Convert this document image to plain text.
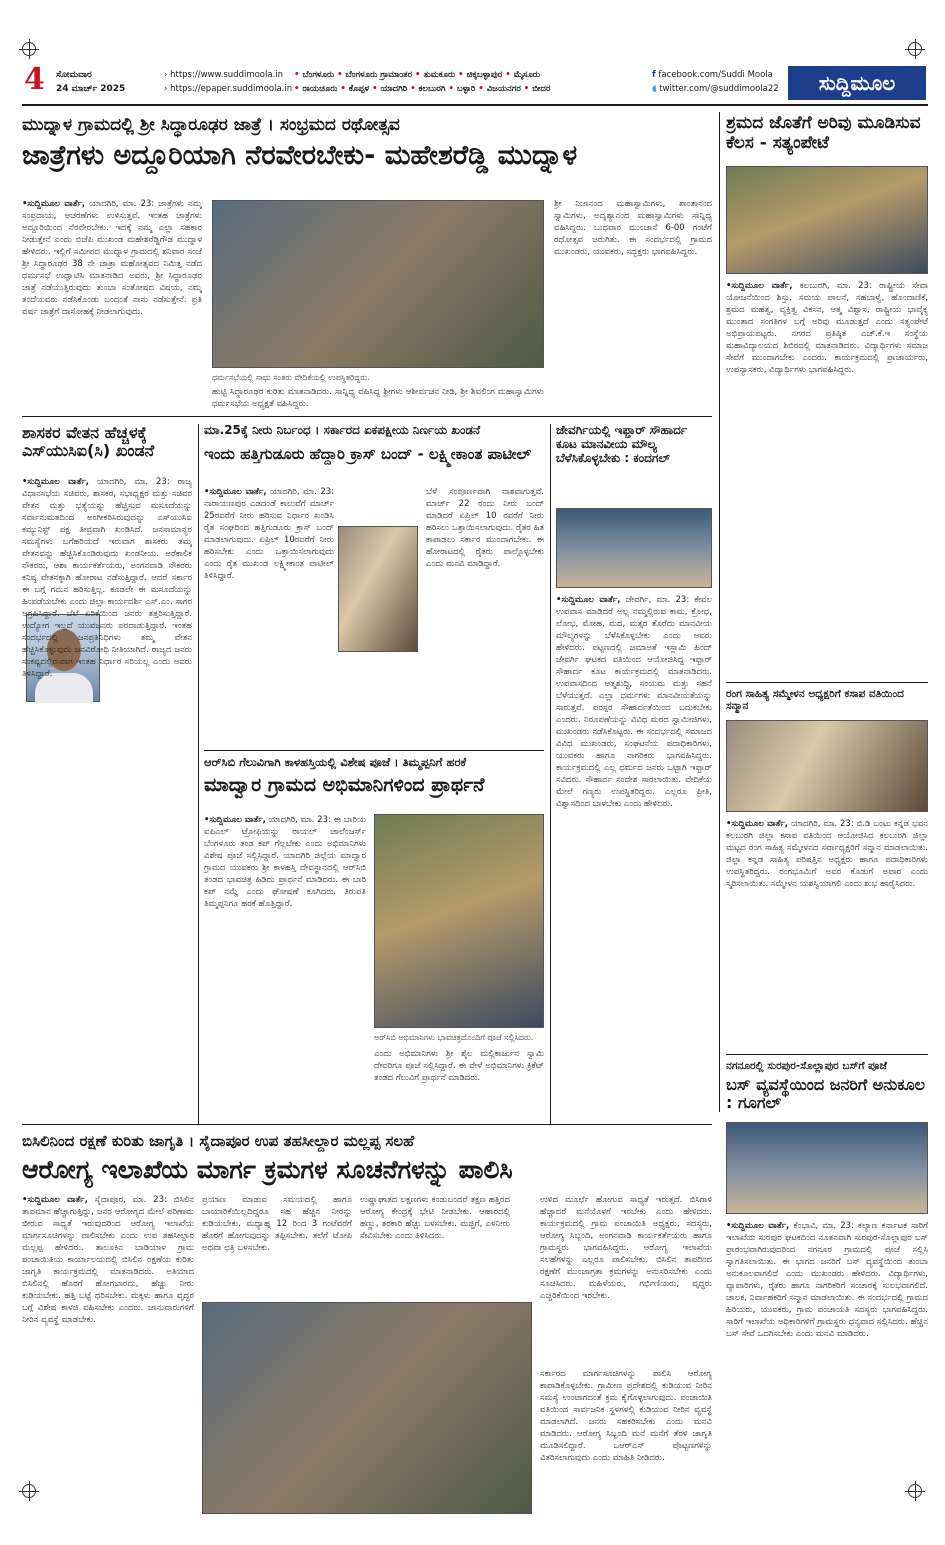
4 ಸೋಮವಾರ
24 ಮಾರ್ಚ್ 2025
› https://www.suddimoola.in
› https://epaper.suddimoola.in
• ಬೆಂಗಳೂರು • ಬೆಂಗಳೂರು ಗ್ರಾಮಾಂತರ • ತುಮಕೂರು • ಚಿಕ್ಕಬಳ್ಳಾಪುರ • ಮೈಸೂರು
• ರಾಯಚೂರು • ಕೊಪ್ಪಳ • ಯಾದಗಿರಿ • ಕಲಬುರಗಿ • ಬಳ್ಳಾರಿ • ವಿಜಯನಗರ • ಬೀದರ
f facebook.com/Suddi Moola
◖ twitter.com/@suddimoola22	ಸುದ್ದಿಮೂಲ
ಮುದ್ನಾಳ ಗ್ರಾಮದಲ್ಲಿ ಶ್ರೀ ಸಿದ್ಧಾರೂಢರ ಜಾತ್ರೆ । ಸಂಭ್ರಮದ ರಥೋತ್ಸವ
ಜಾತ್ರೆಗಳು ಅದ್ದೂರಿಯಾಗಿ ನೆರವೇರಬೇಕು- ಮಹೇಶರೆಡ್ಡಿ ಮುದ್ನಾಳ
•ಸುದ್ದಿಮೂಲ ವಾರ್ತೆ, ಯಾದಗಿರಿ, ಮಾ. 23: ಜಾತ್ರೆಗಳು ನಮ್ಮ ಸಂಪ್ರದಾಯ, ಆಚರಣೆಗಳು ಉಳಿಸುತ್ತವೆ. ಇಂತಹ ಜಾತ್ರೆಗಳು ಅದ್ದೂರಿಯಿಂದ ನೆರವೇರಬೇಕು. ಇದಕ್ಕೆ ನಮ್ಮ ಎಲ್ಲಾ ಸಹಕಾರ ನೀಡುತ್ತೇನೆ ಎಂದು ಬಿಜೆಪಿ ಮುಖಂಡ ಮಹೇಶರೆಡ್ಡಿಗೌಡ ಮುದ್ನಾಳ ಹೇಳಿದರು. ಇಲ್ಲಿಗೆ ಸಮೀಪದ ಮುದ್ನಾಳ ಗ್ರಾಮದಲ್ಲಿ ಶನಿವಾರ ಸಂಜೆ ಶ್ರೀ ಸಿದ್ಧಾರೂಢರ 38 ನೇ ಜಾತ್ರಾ ಮಹೋತ್ಸವದ ನಿಮಿತ್ತ ನಡೆದ ಧರ್ಮಸಭೆ ಉದ್ಘಾಟಿಸಿ ಮಾತನಾಡಿದ ಅವರು, ಶ್ರೀ ಸಿದ್ಧಾರೂಢರ ಜಾತ್ರೆ ನಡೆಯುತ್ತಿರುವುದು ತುಂಬಾ ಸಂತೋಷದ ವಿಷಯ, ನಮ್ಮ ತಂದೆಯವರು ನಡೆಸಿಕೊಂಡು ಬಂದಂತೆ ನಾನು ನಡೆಸುತ್ತೇನೆ. ಪ್ರತಿ ವರ್ಷ ಜಾತ್ರೆಗೆ ದಾಸೋಹಕ್ಕೆ ನೀಡಲಾಗುವುದು.
ಧರ್ಮಸಭೆಯಲ್ಲಿ ಸಾಧು ಸಂತರು ವೇದಿಕೆಯಲ್ಲಿ ಉಪಸ್ಥಿತರಿದ್ದರು.
ಹುಟ್ಟಿ ಸಿದ್ಧಾರೂಢರ ಕುರಿತು ಮಾತನಾಡಿದರು. ಸಾನ್ನಿಧ್ಯ ವಹಿಸಿದ್ದ ಶ್ರೀಗಳು ಆಶೀರ್ವಚನ ನೀಡಿ, ಶ್ರೀ ಶಿವಲಿಂಗ ಮಹಾಸ್ವಾಮಿಗಳು ಧರ್ಮಸಭೆಯ ಅಧ್ಯಕ್ಷತೆ ವಹಿಸಿದ್ದರು.
ಶ್ರೀ ನಿಜಾನಂದ ಮಹಾಸ್ವಾಮಿಗಳು, ಶಾಂತಾನಂದ ಸ್ವಾಮಿಗಳು, ಅದೃಶ್ಯಾನಂದ ಮಹಾಸ್ವಾಮಿಗಳು ಸಾನ್ನಿಧ್ಯ ವಹಿಸಿದ್ದರು. ಬುಧವಾರ ಮುಂಜಾನೆ 6-00 ಗಂಟೆಗೆ ರಥೋತ್ಸವ ಜರುಗಿತು. ಈ ಸಂದರ್ಭದಲ್ಲಿ ಗ್ರಾಮದ ಮುಖಂಡರು, ಯುವಕರು, ಸದ್ಭಕ್ತರು ಭಾಗವಹಿಸಿದ್ದರು.
ಶ್ರಮದ ಜೊತೆಗೆ ಅರಿವು ಮೂಡಿಸುವ ಕೆಲಸ - ಸತ್ಯಂಪೇಟೆ
•ಸುದ್ದಿಮೂಲ ವಾರ್ತೆ, ಕಲಬುರಗಿ, ಮಾ. 23: ರಾಷ್ಟ್ರೀಯ ಸೇವಾ ಯೋಜನೆಯಿಂದ ಶಿಸ್ತು, ಸಮಯ ಪಾಲನೆ, ಸಹಬಾಳ್ವೆ, ಹೊಂದಾಣಿಕೆ, ಶ್ರಮದ ಮಹತ್ವ, ವ್ಯಕ್ತಿತ್ವ ವಿಕಸನ, ಆತ್ಮ ವಿಶ್ವಾಸ, ರಾಷ್ಟ್ರೀಯ ಭಾವೈಕ್ಯ ಮುಂತಾದ ಸಂಗತಿಗಳ ಬಗ್ಗೆ ಅರಿವು ಮೂಡುತ್ತದೆ ಎಂದು ಸತ್ಯಂಪೇಟೆ ಅಭಿಪ್ರಾಯಪಟ್ಟರು. ನಗರದ ಪ್ರತಿಷ್ಠಿತ ಎಚ್.ಕೆ.ಇ ಸಂಸ್ಥೆಯ ಮಹಾವಿದ್ಯಾಲಯದ ಶಿಬಿರದಲ್ಲಿ ಮಾತನಾಡಿದರು. ವಿದ್ಯಾರ್ಥಿಗಳು ಸಮಾಜ ಸೇವೆಗೆ ಮುಂದಾಗಬೇಕು ಎಂದರು. ಕಾರ್ಯಕ್ರಮದಲ್ಲಿ ಪ್ರಾಚಾರ್ಯರು, ಉಪನ್ಯಾಸಕರು, ವಿದ್ಯಾರ್ಥಿಗಳು ಭಾಗವಹಿಸಿದ್ದರು.
ಶಾಸಕರ ವೇತನ ಹೆಚ್ಚಳಕ್ಕೆ ಎಸ್‌ಯುಸಿಐ(ಸಿ) ಖಂಡನೆ
•ಸುದ್ದಿಮೂಲ ವಾರ್ತೆ, ಯಾದಗಿರಿ, ಮಾ. 23: ರಾಜ್ಯ ವಿಧಾನಸಭೆಯ ಸಚಿವರು, ಶಾಸಕರ, ಸಭಾಧ್ಯಕ್ಷರ ಮತ್ತು ಸಚಿವರ ವೇತನ ಮತ್ತು ಭತ್ಯೆಯನ್ನು ಹೆಚ್ಚಿಸುವ ಮಸೂದೆಯನ್ನು ಸರ್ವಾನುಮತದಿಂದ ಅಂಗೀಕರಿಸಿರುವುದನ್ನು ಎಸ್‌ಯುಸಿಐ ಕಮ್ಯುನಿಸ್ಟ್ ಪಕ್ಷ ತೀವ್ರವಾಗಿ ಖಂಡಿಸಿದೆ. ಜನಸಾಮಾನ್ಯರ ಸಮಸ್ಯೆಗಳು ಬಗೆಹರಿಯದೆ ಇರುವಾಗ ಶಾಸಕರು ತಮ್ಮ ವೇತನವನ್ನು ಹೆಚ್ಚಿಸಿಕೊಂಡಿರುವುದು ಖಂಡನೀಯ. ಅರೆಕಾಲಿಕ ನೌಕರರು, ಆಶಾ ಕಾರ್ಯಕರ್ತೆಯರು, ಅಂಗನವಾಡಿ ನೌಕರರು ಕನಿಷ್ಠ ವೇತನಕ್ಕಾಗಿ ಹೋರಾಟ ನಡೆಸುತ್ತಿದ್ದಾರೆ. ಆದರೆ ಸರ್ಕಾರ ಈ ಬಗ್ಗೆ ಗಮನ ಹರಿಸುತ್ತಿಲ್ಲ. ಕೂಡಲೇ ಈ ಮಸೂದೆಯನ್ನು ಹಿಂಪಡೆಯಬೇಕು ಎಂದು ಜಿಲ್ಲಾ ಕಾರ್ಯದರ್ಶಿ ಎಸ್.ಎಂ. ಸಾಗರ ಆಗ್ರಹಿಸಿದ್ದಾರೆ. ಬೆಲೆ ಏರಿಕೆಯಿಂದ ಜನರು ತತ್ತರಿಸುತ್ತಿದ್ದಾರೆ. ಉದ್ಯೋಗ ಇಲ್ಲದೆ ಯುವಜನರು ಪರದಾಡುತ್ತಿದ್ದಾರೆ. ಇಂತಹ ಸಂದರ್ಭದಲ್ಲಿ ಜನಪ್ರತಿನಿಧಿಗಳು ತಮ್ಮ ವೇತನ ಹೆಚ್ಚಿಸಿಕೊಳ್ಳುವುದು ಜನವಿರೋಧಿ ನೀತಿಯಾಗಿದೆ. ರಾಜ್ಯದ ಜನರು ಸಂಕಷ್ಟದಲ್ಲಿರುವಾಗ ಇಂತಹ ನಿರ್ಧಾರ ಸರಿಯಲ್ಲ ಎಂದು ಅವರು ತಿಳಿಸಿದ್ದಾರೆ.
ಮಾ.25ಕ್ಕೆ ನೀರು ನಿರ್ಬಂಧ । ಸರ್ಕಾರದ ಏಕಪಕ್ಷೀಯ ನಿರ್ಣಯ ಖಂಡನೆ
ಇಂದು ಹತ್ತಿಗುಡೂರು ಹೆದ್ದಾರಿ ಕ್ರಾಸ್ ಬಂದ್ - ಲಕ್ಷ್ಮೀಕಾಂತ ಪಾಟೀಲ್
•ಸುದ್ದಿಮೂಲ ವಾರ್ತೆ, ಯಾದಗಿರಿ, ಮಾ. 23: ನಾರಾಯಣಪುರ ಎಡದಂಡೆ ಕಾಲುವೆಗೆ ಮಾರ್ಚ್ 25ರವರೆಗೆ ನೀರು ಹರಿಸುವ ನಿರ್ಧಾರ ಖಂಡಿಸಿ ರೈತ ಸಂಘದಿಂದ ಹತ್ತಿಗುಡೂರು ಕ್ರಾಸ್ ಬಂದ್ ಮಾಡಲಾಗುವುದು. ಏಪ್ರಿಲ್ 10ರವರೆಗೆ ನೀರು ಹರಿಸಬೇಕು ಎಂದು ಒತ್ತಾಯಿಸಲಾಗುವುದು ಎಂದು ರೈತ ಮುಖಂಡ ಲಕ್ಷ್ಮೀಕಾಂತ ಪಾಟೀಲ್ ತಿಳಿಸಿದ್ದಾರೆ.
ಬೆಳೆ ಸಂಪೂರ್ಣವಾಗಿ ನಾಶವಾಗುತ್ತವೆ. ಮಾರ್ಚ್ 22 ರಂದು ನೀರು ಬಂದ್ ಮಾಡಿದರೆ ಏಪ್ರಿಲ್ 10 ರವರೆಗೆ ನೀರು ಹರಿಸಲು ಒತ್ತಾಯಿಸಲಾಗುವುದು. ರೈತರ ಹಿತ ಕಾಪಾಡಲು ಸರ್ಕಾರ ಮುಂದಾಗಬೇಕು. ಈ ಹೋರಾಟದಲ್ಲಿ ರೈತರು ಪಾಲ್ಗೊಳ್ಳಬೇಕು ಎಂದು ಮನವಿ ಮಾಡಿದ್ದಾರೆ.
ಜೇವರ್ಗಿಯಲ್ಲಿ ಇಫ್ತಾರ್ ಸೌಹಾರ್ದ ಕೂಟ ಮಾನವೀಯ ಮೌಲ್ಯ ಬೆಳೆಸಿಕೊಳ್ಳಬೇಕು : ಕಂದಗಲ್
•ಸುದ್ದಿಮೂಲ ವಾರ್ತೆ, ಜೇವರ್ಗಿ, ಮಾ. 23: ಕೇವಲ ಉಪವಾಸ ಮಾಡಿದರೆ ಅಲ್ಲ ನಮ್ಮಲ್ಲಿರುವ ಕಾಮ, ಕ್ರೋಧ, ಲೋಭ, ಮೋಹ, ಮದ, ಮತ್ಸರ ತೊರೆದು ಮಾನವೀಯ ಮೌಲ್ಯಗಳನ್ನು ಬೆಳೆಸಿಕೊಳ್ಳಬೇಕು ಎಂದು ಅವರು ಹೇಳಿದರು. ಪಟ್ಟಣದಲ್ಲಿ ಜಮಾಅತೆ ಇಸ್ಲಾಮಿ ಹಿಂದ್ ಜೇವರ್ಗಿ ಘಟಕದ ವತಿಯಿಂದ ಆಯೋಜಿಸಿದ್ದ ಇಫ್ತಾರ್ ಸೌಹಾರ್ದ ಕೂಟ ಕಾರ್ಯಕ್ರಮದಲ್ಲಿ ಮಾತನಾಡಿದರು. ಉಪವಾಸದಿಂದ ಆತ್ಮಶುದ್ಧಿ, ಸಂಯಮ ಮತ್ತು ಸಹನೆ ಬೆಳೆಯುತ್ತದೆ. ಎಲ್ಲಾ ಧರ್ಮಗಳು ಮಾನವೀಯತೆಯನ್ನು ಸಾರುತ್ತವೆ. ಪರಸ್ಪರ ಸೌಹಾರ್ದತೆಯಿಂದ ಬದುಕಬೇಕು ಎಂದರು. ನಿರೂಪಣೆಯನ್ನು ವಿವಿಧ ಮಠದ ಸ್ವಾಮೀಜಿಗಳು, ಮುಖಂಡರು ನಡೆಸಿಕೊಟ್ಟರು. ಈ ಸಂದರ್ಭದಲ್ಲಿ ಸಮಾಜದ ವಿವಿಧ ಮುಖಂಡರು, ಸಂಘಟನೆಯ ಪದಾಧಿಕಾರಿಗಳು, ಯುವಕರು ಹಾಗೂ ನಾಗರಿಕರು ಭಾಗವಹಿಸಿದ್ದರು. ಕಾರ್ಯಕ್ರಮದಲ್ಲಿ ಎಲ್ಲ ಧರ್ಮದ ಜನರು ಒಟ್ಟಾಗಿ ಇಫ್ತಾರ್ ಸವಿದರು. ಸೌಹಾರ್ದ ಸಂದೇಶ ಸಾರಲಾಯಿತು. ವೇದಿಕೆಯ ಮೇಲೆ ಗಣ್ಯರು ಉಪಸ್ಥಿತರಿದ್ದರು. ಎಲ್ಲರೂ ಪ್ರೀತಿ, ವಿಶ್ವಾಸದಿಂದ ಬಾಳಬೇಕು ಎಂದು ಹೇಳಿದರು.
ಆರ್‌ಸಿಬಿ ಗೆಲುವಿಗಾಗಿ ಕಾಳಹಸ್ತಿಯಲ್ಲಿ ವಿಶೇಷ ಪೂಜೆ । ತಿಮ್ಮಪ್ಪನಿಗೆ ಹರಕೆ
ಮಾದ್ವಾರ ಗ್ರಾಮದ ಅಭಿಮಾನಿಗಳಿಂದ ಪ್ರಾರ್ಥನೆ
•ಸುದ್ದಿಮೂಲ ವಾರ್ತೆ, ಯಾದಗಿರಿ, ಮಾ. 23: ಈ ಬಾರಿಯ ಐಪಿಎಲ್ ಟ್ರೋಫಿಯನ್ನು ರಾಯಲ್ ಚಾಲೆಂಜರ್ಸ್ ಬೆಂಗಳೂರು ತಂಡ ಕಪ್ ಗೆಲ್ಲಬೇಕು ಎಂದು ಅಭಿಮಾನಿಗಳು ವಿಶೇಷ ಪೂಜೆ ಸಲ್ಲಿಸಿದ್ದಾರೆ. ಯಾದಗಿರಿ ಜಿಲ್ಲೆಯ ಮಾದ್ವಾರ ಗ್ರಾಮದ ಯುವಕರು ಶ್ರೀ ಕಾಳಹಸ್ತಿ ದೇವಸ್ಥಾನದಲ್ಲಿ ಆರ್‌ಸಿಬಿ ತಂಡದ ಭಾವಚಿತ್ರ ಹಿಡಿದು ಪ್ರಾರ್ಥನೆ ಮಾಡಿದರು. ಈ ಬಾರಿ ಕಪ್ ನಮ್ದೆ ಎಂದು ಘೋಷಣೆ ಕೂಗಿದರು. ತಿರುಪತಿ ತಿಮ್ಮಪ್ಪನಿಗೂ ಹರಕೆ ಹೊತ್ತಿದ್ದಾರೆ.
ಆರ್‌ಸಿಬಿ ಅಭಿಮಾನಿಗಳು ಭಾವಚಿತ್ರದೊಂದಿಗೆ ಪೂಜೆ ಸಲ್ಲಿಸಿದರು.
ಎಂದು ಅಭಿಮಾನಿಗಳು ಶ್ರೀ ಶೈಲ ಮಲ್ಲಿಕಾರ್ಜುನ ಸ್ವಾಮಿ ದೇವರಿಗೂ ಪೂಜೆ ಸಲ್ಲಿಸಿದ್ದಾರೆ. ಈ ವೇಳೆ ಅಭಿಮಾನಿಗಳು ಕ್ರಿಕೆಟ್ ತಂಡದ ಗೆಲುವಿಗೆ ಪ್ರಾರ್ಥನೆ ಮಾಡಿದರು.
ರಂಗ ಸಾಹಿತ್ಯ ಸಮ್ಮೇಳನ ಅಧ್ಯಕ್ಷರಿಗೆ ಕಸಾಪ ವತಿಯಿಂದ ಸನ್ಮಾನ
•ಸುದ್ದಿಮೂಲ ವಾರ್ತೆ, ಯಾದಗಿರಿ, ಮಾ. 23: ಬಿ.ಡಿ ಬಂಟು ಕನ್ನಡ ಭವನ ಕಲಬುರಗಿ ಜಿಲ್ಲಾ ಕಸಾಪ ವತಿಯಿಂದ ಆಯೋಜಿಸಿದ ಕಲಬುರಗಿ ಜಿಲ್ಲಾ ಮಟ್ಟದ ರಂಗ ಸಾಹಿತ್ಯ ಸಮ್ಮೇಳನದ ಸರ್ವಾಧ್ಯಕ್ಷರಿಗೆ ಸನ್ಮಾನ ಮಾಡಲಾಯಿತು. ಜಿಲ್ಲಾ ಕನ್ನಡ ಸಾಹಿತ್ಯ ಪರಿಷತ್ತಿನ ಅಧ್ಯಕ್ಷರು ಹಾಗೂ ಪದಾಧಿಕಾರಿಗಳು ಉಪಸ್ಥಿತರಿದ್ದರು. ರಂಗಭೂಮಿಗೆ ಅವರ ಕೊಡುಗೆ ಅಪಾರ ಎಂದು ಸ್ಮರಿಸಲಾಯಿತು. ಸಮ್ಮೇಳನ ಯಶಸ್ವಿಯಾಗಲಿ ಎಂದು ಶುಭ ಹಾರೈಸಿದರು.
ನಗನೂರಲ್ಲಿ ಸುರಪುರ-ಸೊಲ್ಲಾಪುರ ಬಸ್‌ಗೆ ಪೂಜೆ
ಬಸ್ ವ್ಯವಸ್ಥೆಯಿಂದ ಜನರಿಗೆ ಅನುಕೂಲ : ಗೂಗಲ್
•ಸುದ್ದಿಮೂಲ ವಾರ್ತೆ, ಕೆಂಭಾವಿ, ಮಾ. 23: ಕಲ್ಯಾಣ ಕರ್ನಾಟಕ ಸಾರಿಗೆ ಇಲಾಖೆಯ ಸುರಪುರ ಘಟಕದಿಂದ ನೂತನವಾಗಿ ಸುರಪುರ-ಸೊಲ್ಲಾಪುರ ಬಸ್ ಪ್ರಾರಂಭವಾಗಿರುವುದರಿಂದ ನಗನೂರ ಗ್ರಾಮದಲ್ಲಿ ಪೂಜೆ ಸಲ್ಲಿಸಿ ಸ್ವಾಗತಿಸಲಾಯಿತು. ಈ ಭಾಗದ ಜನರಿಗೆ ಬಸ್ ವ್ಯವಸ್ಥೆಯಿಂದ ತುಂಬಾ ಅನುಕೂಲವಾಗಲಿದೆ ಎಂದು ಮುಖಂಡರು ಹೇಳಿದರು. ವಿದ್ಯಾರ್ಥಿಗಳು, ವ್ಯಾಪಾರಿಗಳು, ರೈತರು ಹಾಗೂ ನಾಗರಿಕರಿಗೆ ಸಂಚಾರಕ್ಕೆ ಸುಲಭವಾಗಲಿದೆ. ಚಾಲಕ, ನಿರ್ವಾಹಕರಿಗೆ ಸನ್ಮಾನ ಮಾಡಲಾಯಿತು. ಈ ಸಂದರ್ಭದಲ್ಲಿ ಗ್ರಾಮದ ಹಿರಿಯರು, ಯುವಕರು, ಗ್ರಾಮ ಪಂಚಾಯತಿ ಸದಸ್ಯರು ಭಾಗವಹಿಸಿದ್ದರು. ಸಾರಿಗೆ ಇಲಾಖೆಯ ಅಧಿಕಾರಿಗಳಿಗೆ ಗ್ರಾಮಸ್ಥರು ಧನ್ಯವಾದ ಸಲ್ಲಿಸಿದರು. ಹೆಚ್ಚಿನ ಬಸ್ ಸೇವೆ ಒದಗಿಸಬೇಕು ಎಂದು ಮನವಿ ಮಾಡಿದರು.
ಬಿಸಿಲಿನಿಂದ ರಕ್ಷಣೆ ಕುರಿತು ಜಾಗೃತಿ । ಸೈದಾಪೂರ ಉಪ ತಹಸೀಲ್ದಾರ ಮಲ್ಲಪ್ಪ ಸಲಹೆ
ಆರೋಗ್ಯ ಇಲಾಖೆಯ ಮಾರ್ಗ ಕ್ರಮಗಳ ಸೂಚನೆಗಳನ್ನು ಪಾಲಿಸಿ
•ಸುದ್ದಿಮೂಲ ವಾರ್ತೆ, ಸೈದಾಪೂರ, ಮಾ. 23: ಬಿಸಿಲಿನ ತಾಪಮಾನ ಹೆಚ್ಚಾಗುತ್ತಿದ್ದು, ಜನರ ಆರೋಗ್ಯದ ಮೇಲೆ ಪರಿಣಾಮ ಬೀರುವ ಸಾಧ್ಯತೆ ಇರುವುದರಿಂದ ಆರೋಗ್ಯ ಇಲಾಖೆಯ ಮಾರ್ಗಸೂಚಿಗಳನ್ನು ಪಾಲಿಸಬೇಕು ಎಂದು ಉಪ ತಹಸೀಲ್ದಾರ ಮಲ್ಲಪ್ಪ ಹೇಳಿದರು. ತಾಲೂಕಿನ ಬಾಡಿಯಾಳ ಗ್ರಾಮ ಪಂಚಾಯಿತಿಯ ಕಾರ್ಯಾಲಯದಲ್ಲಿ ಬಿಸಿಲಿನ ರಕ್ಷಣೆಯ ಕುರಿತು ಜಾಗೃತಿ ಕಾರ್ಯಕ್ರಮದಲ್ಲಿ ಮಾತನಾಡಿದರು. ಅತಿಯಾದ ಬಿಸಿಲಿನಲ್ಲಿ ಹೊರಗೆ ಹೋಗಬಾರದು, ಹೆಚ್ಚು ನೀರು ಕುಡಿಯಬೇಕು. ಹತ್ತಿ ಬಟ್ಟೆ ಧರಿಸಬೇಕು. ಮಕ್ಕಳು ಹಾಗೂ ವೃದ್ಧರ ಬಗ್ಗೆ ವಿಶೇಷ ಕಾಳಜಿ ವಹಿಸಬೇಕು ಎಂದರು. ಜಾನುವಾರುಗಳಿಗೆ ನೀರಿನ ವ್ಯವಸ್ಥೆ ಮಾಡಬೇಕು.
ಪ್ರಯಾಣ ಮಾಡುವ ಸಮಯದಲ್ಲಿ ಹಾಗೂ ಬಾಯಾರಿಕೆಯಿಲ್ಲದಿದ್ದರೂ ಸಹ ಹೆಚ್ಚಿನ ನೀರನ್ನು ಕುಡಿಯಬೇಕು. ಮಧ್ಯಾಹ್ನ 12 ರಿಂದ 3 ಗಂಟೆವರೆಗೆ ಹೊರಗೆ ಹೋಗುವುದನ್ನು ತಪ್ಪಿಸಬೇಕು. ತಲೆಗೆ ಟೋಪಿ ಅಥವಾ ಛತ್ರಿ ಬಳಸಬೇಕು.
ಉಷ್ಣಾಘಾತದ ಲಕ್ಷಣಗಳು ಕಂಡುಬಂದರೆ ತಕ್ಷಣ ಹತ್ತಿರದ ಆರೋಗ್ಯ ಕೇಂದ್ರಕ್ಕೆ ಭೇಟಿ ನೀಡಬೇಕು. ಆಹಾರದಲ್ಲಿ ಹಣ್ಣು, ತರಕಾರಿ ಹೆಚ್ಚು ಬಳಸಬೇಕು. ಮಜ್ಜಿಗೆ, ಎಳನೀರು ಸೇವಿಸಬೇಕು ಎಂದು ತಿಳಿಸಿದರು.
ಉಳಿದ ಮೂರ್ಛೆ ಹೋಗುವ ಸಾಧ್ಯತೆ ಇರುತ್ತದೆ. ಬಿಸಿಗಾಳಿ ಹೆಚ್ಚಾದರೆ ಮನೆಯೊಳಗೆ ಇರಬೇಕು ಎಂದು ಹೇಳಿದರು. ಕಾರ್ಯಕ್ರಮದಲ್ಲಿ ಗ್ರಾಮ ಪಂಚಾಯಿತಿ ಅಧ್ಯಕ್ಷರು, ಸದಸ್ಯರು, ಆರೋಗ್ಯ ಸಿಬ್ಬಂದಿ, ಅಂಗನವಾಡಿ ಕಾರ್ಯಕರ್ತೆಯರು ಹಾಗೂ ಗ್ರಾಮಸ್ಥರು ಭಾಗವಹಿಸಿದ್ದರು. ಆರೋಗ್ಯ ಇಲಾಖೆಯ ಸಲಹೆಗಳನ್ನು ಎಲ್ಲರೂ ಪಾಲಿಸಬೇಕು. ಬಿಸಿಲಿನ ತಾಪದಿಂದ ರಕ್ಷಣೆಗೆ ಮುಂಜಾಗ್ರತಾ ಕ್ರಮಗಳನ್ನು ಅನುಸರಿಸಬೇಕು ಎಂದು ಸೂಚಿಸಿದರು. ಮಹಿಳೆಯರು, ಗರ್ಭಿಣಿಯರು, ವೃದ್ಧರು ಎಚ್ಚರಿಕೆಯಿಂದ ಇರಬೇಕು.
ಸರ್ಕಾರದ ಮಾರ್ಗಸೂಚಿಗಳನ್ನು ಪಾಲಿಸಿ ಆರೋಗ್ಯ ಕಾಪಾಡಿಕೊಳ್ಳಬೇಕು. ಗ್ರಾಮೀಣ ಪ್ರದೇಶದಲ್ಲಿ ಕುಡಿಯುವ ನೀರಿನ ಸಮಸ್ಯೆ ಉಂಟಾಗದಂತೆ ಕ್ರಮ ಕೈಗೊಳ್ಳಲಾಗುವುದು. ಪಂಚಾಯಿತಿ ವತಿಯಿಂದ ಸಾರ್ವಜನಿಕ ಸ್ಥಳಗಳಲ್ಲಿ ಕುಡಿಯುವ ನೀರಿನ ವ್ಯವಸ್ಥೆ ಮಾಡಲಾಗಿದೆ. ಜನರು ಸಹಕರಿಸಬೇಕು ಎಂದು ಮನವಿ ಮಾಡಿದರು. ಆರೋಗ್ಯ ಸಿಬ್ಬಂದಿ ಮನೆ ಮನೆಗೆ ತೆರಳಿ ಜಾಗೃತಿ ಮೂಡಿಸಲಿದ್ದಾರೆ. ಒಆರ್‌ಎಸ್ ಪೊಟ್ಟಣಗಳನ್ನು ವಿತರಿಸಲಾಗುವುದು ಎಂದು ಮಾಹಿತಿ ನೀಡಿದರು.
